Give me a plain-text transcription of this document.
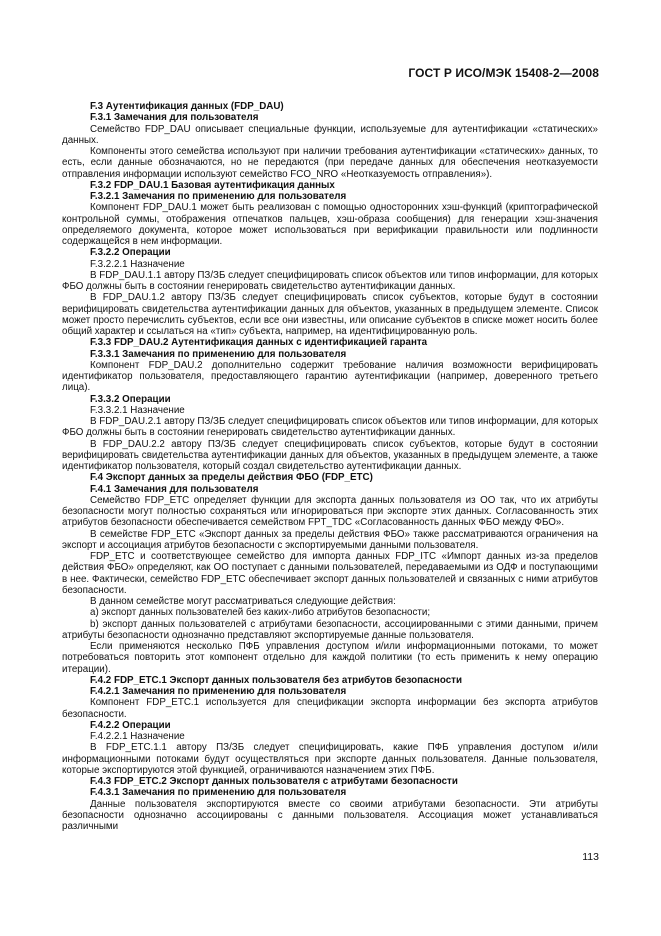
ГОСТ Р ИСО/МЭК 15408-2—2008

F.3 Аутентификация данных (FDP_DAU)

F.3.1 Замечания для пользователя

Семейство FDP_DAU описывает специальные функции, используемые для аутентификации «статических» данных.

Компоненты этого семейства используют при наличии требования аутентификации «статических» данных, то есть, если данные обозначаются, но не передаются (при передаче данных для обеспечения неотказуемости отправления информации используют семейство FCO_NRO «Неотказуемость отправления»).

F.3.2 FDP_DAU.1 Базовая аутентификация данных

F.3.2.1 Замечания по применению для пользователя

Компонент FDP_DAU.1 может быть реализован с помощью односторонних хэш-функций (криптографической контрольной суммы, отображения отпечатков пальцев, хэш-образа сообщения) для генерации хэш-значения определяемого документа, которое может использоваться при верификации правильности или подлинности содержащейся в нем информации.

F.3.2.2 Операции

F.3.2.2.1 Назначение

В FDP_DAU.1.1 автору ПЗ/ЗБ следует специфицировать список объектов или типов информации, для которых ФБО должны быть в состоянии генерировать свидетельство аутентификации данных.

В FDP_DAU.1.2 автору ПЗ/ЗБ следует специфицировать список субъектов, которые будут в состоянии верифицировать свидетельства аутентификации данных для объектов, указанных в предыдущем элементе. Список может просто перечислить субъектов, если все они известны, или описание субъектов в списке может носить более общий характер и ссылаться на «тип» субъекта, например, на идентифицированную роль.

F.3.3 FDP_DAU.2 Аутентификация данных с идентификацией гаранта

F.3.3.1 Замечания по применению для пользователя

Компонент FDP_DAU.2 дополнительно содержит требование наличия возможности верифицировать идентификатор пользователя, предоставляющего гарантию аутентификации (например, доверенного третьего лица).

F.3.3.2 Операции

F.3.3.2.1 Назначение

В FDP_DAU.2.1 автору ПЗ/ЗБ следует специфицировать список объектов или типов информации, для которых ФБО должны быть в состоянии генерировать свидетельство аутентификации данных.

В FDP_DAU.2.2 автору ПЗ/ЗБ следует специфицировать список субъектов, которые будут в состоянии верифицировать свидетельства аутентификации данных для объектов, указанных в предыдущем элементе, а также идентификатор пользователя, который создал свидетельство аутентификации данных.

F.4 Экспорт данных за пределы действия ФБО (FDP_ETC)

F.4.1 Замечания для пользователя

Семейство FDP_ETC определяет функции для экспорта данных пользователя из ОО так, что их атрибуты безопасности могут полностью сохраняться или игнорироваться при экспорте этих данных. Согласованность этих атрибутов безопасности обеспечивается семейством FPT_TDC «Согласованность данных ФБО между ФБО».

В семействе FDP_ETC «Экспорт данных за пределы действия ФБО» также рассматриваются ограничения на экспорт и ассоциация атрибутов безопасности с экспортируемыми данными пользователя.

FDP_ETC и соответствующее семейство для импорта данных FDP_ITC «Импорт данных из-за пределов действия ФБО» определяют, как ОО поступает с данными пользователей, передаваемыми из ОДФ и поступающими в нее. Фактически, семейство FDP_ETC обеспечивает экспорт данных пользователей и связанных с ними атрибутов безопасности.

В данном семействе могут рассматриваться следующие действия:

а) экспорт данных пользователей без каких-либо атрибутов безопасности;

b) экспорт данных пользователей с атрибутами безопасности, ассоциированными с этими данными, причем атрибуты безопасности однозначно представляют экспортируемые данные пользователя.

Если применяются несколько ПФБ управления доступом и/или информационными потоками, то может потребоваться повторить этот компонент отдельно для каждой политики (то есть применить к нему операцию итерации).

F.4.2 FDP_ETC.1 Экспорт данных пользователя без атрибутов безопасности

F.4.2.1 Замечания по применению для пользователя

Компонент FDP_ETC.1 используется для спецификации экспорта информации без экспорта атрибутов безопасности.

F.4.2.2 Операции

F.4.2.2.1 Назначение

В FDP_ETC.1.1 автору ПЗ/ЗБ следует специфицировать, какие ПФБ управления доступом и/или информационными потоками будут осуществляться при экспорте данных пользователя. Данные пользователя, которые экспортируются этой функцией, ограничиваются назначением этих ПФБ.

F.4.3 FDP_ETC.2 Экспорт данных пользователя с атрибутами безопасности

F.4.3.1 Замечания по применению для пользователя

Данные пользователя экспортируются вместе со своими атрибутами безопасности. Эти атрибуты безопасности однозначно ассоциированы с данными пользователя. Ассоциация может устанавливаться различными

113
